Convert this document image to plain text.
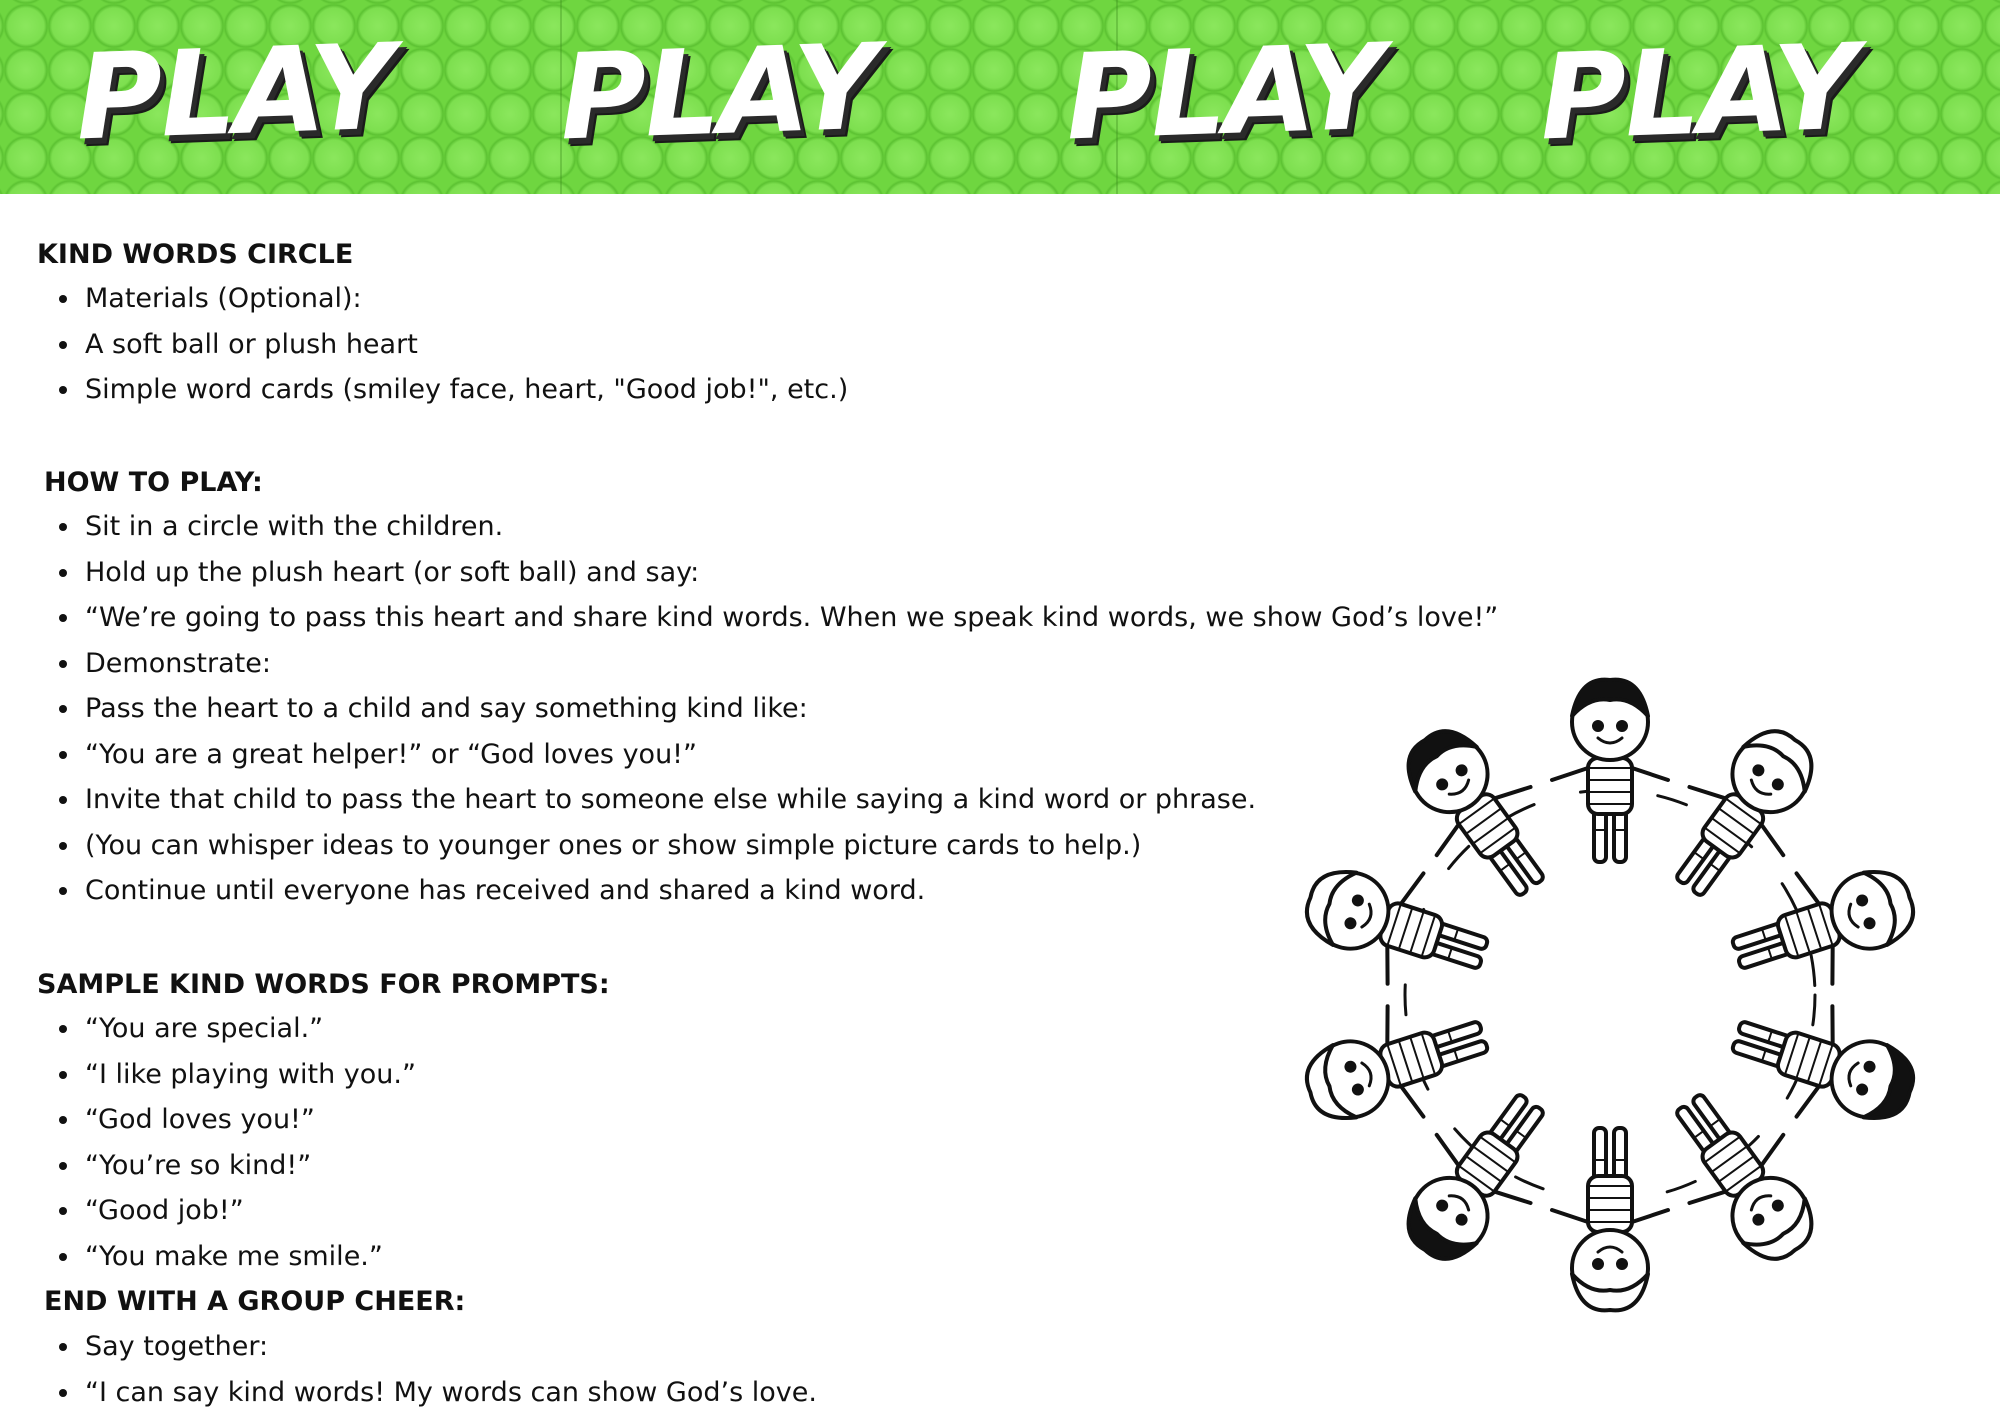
PLAY PLAY PLAY PLAY
KIND WORDS CIRCLE
Materials (Optional):
A soft ball or plush heart
Simple word cards (smiley face, heart, "Good job!", etc.)
HOW TO PLAY:
Sit in a circle with the children.
Hold up the plush heart (or soft ball) and say:
“We’re going to pass this heart and share kind words. When we speak kind words, we show God’s love!”
Demonstrate:
Pass the heart to a child and say something kind like:
“You are a great helper!” or “God loves you!”
Invite that child to pass the heart to someone else while saying a kind word or phrase.
(You can whisper ideas to younger ones or show simple picture cards to help.)
Continue until everyone has received and shared a kind word.
SAMPLE KIND WORDS FOR PROMPTS:
“You are special.”
“I like playing with you.”
“God loves you!”
“You’re so kind!”
“Good job!”
“You make me smile.”
END WITH A GROUP CHEER:
Say together:
“I can say kind words! My words can show God’s love.
